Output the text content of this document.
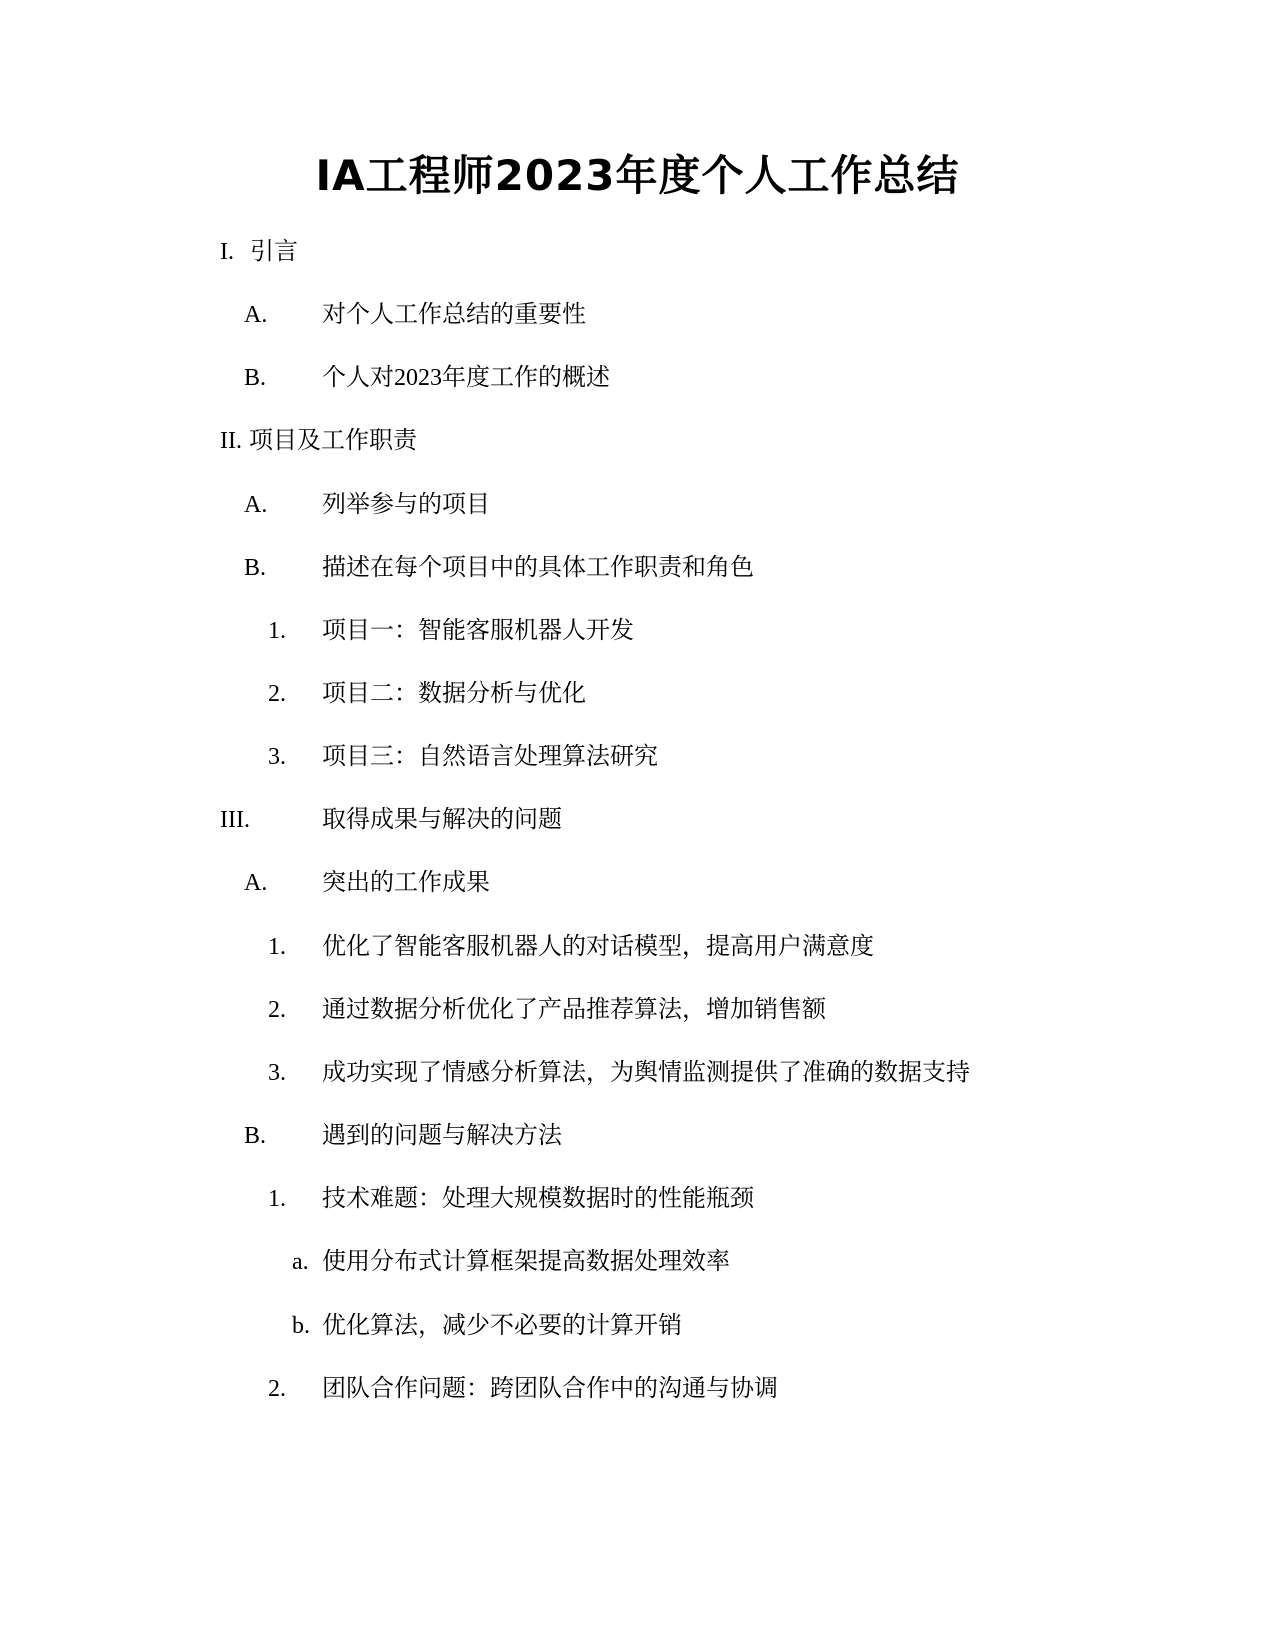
IA工程师2023年度个人工作总结
I. 引言
A. 对个人工作总结的重要性
B. 个人对2023年度工作的概述
II. 项目及工作职责
A. 列举参与的项目
B. 描述在每个项目中的具体工作职责和角色
1. 项目一：智能客服机器人开发
2. 项目二：数据分析与优化
3. 项目三：自然语言处理算法研究
III.	取得成果与解决的问题
A. 突出的工作成果
1. 优化了智能客服机器人的对话模型，提高用户满意度
2. 通过数据分析优化了产品推荐算法，增加销售额
3. 成功实现了情感分析算法，为舆情监测提供了准确的数据支持
B. 遇到的问题与解决方法
1. 技术难题：处理大规模数据时的性能瓶颈
a. 使用分布式计算框架提高数据处理效率
b. 优化算法，减少不必要的计算开销
2. 团队合作问题：跨团队合作中的沟通与协调
